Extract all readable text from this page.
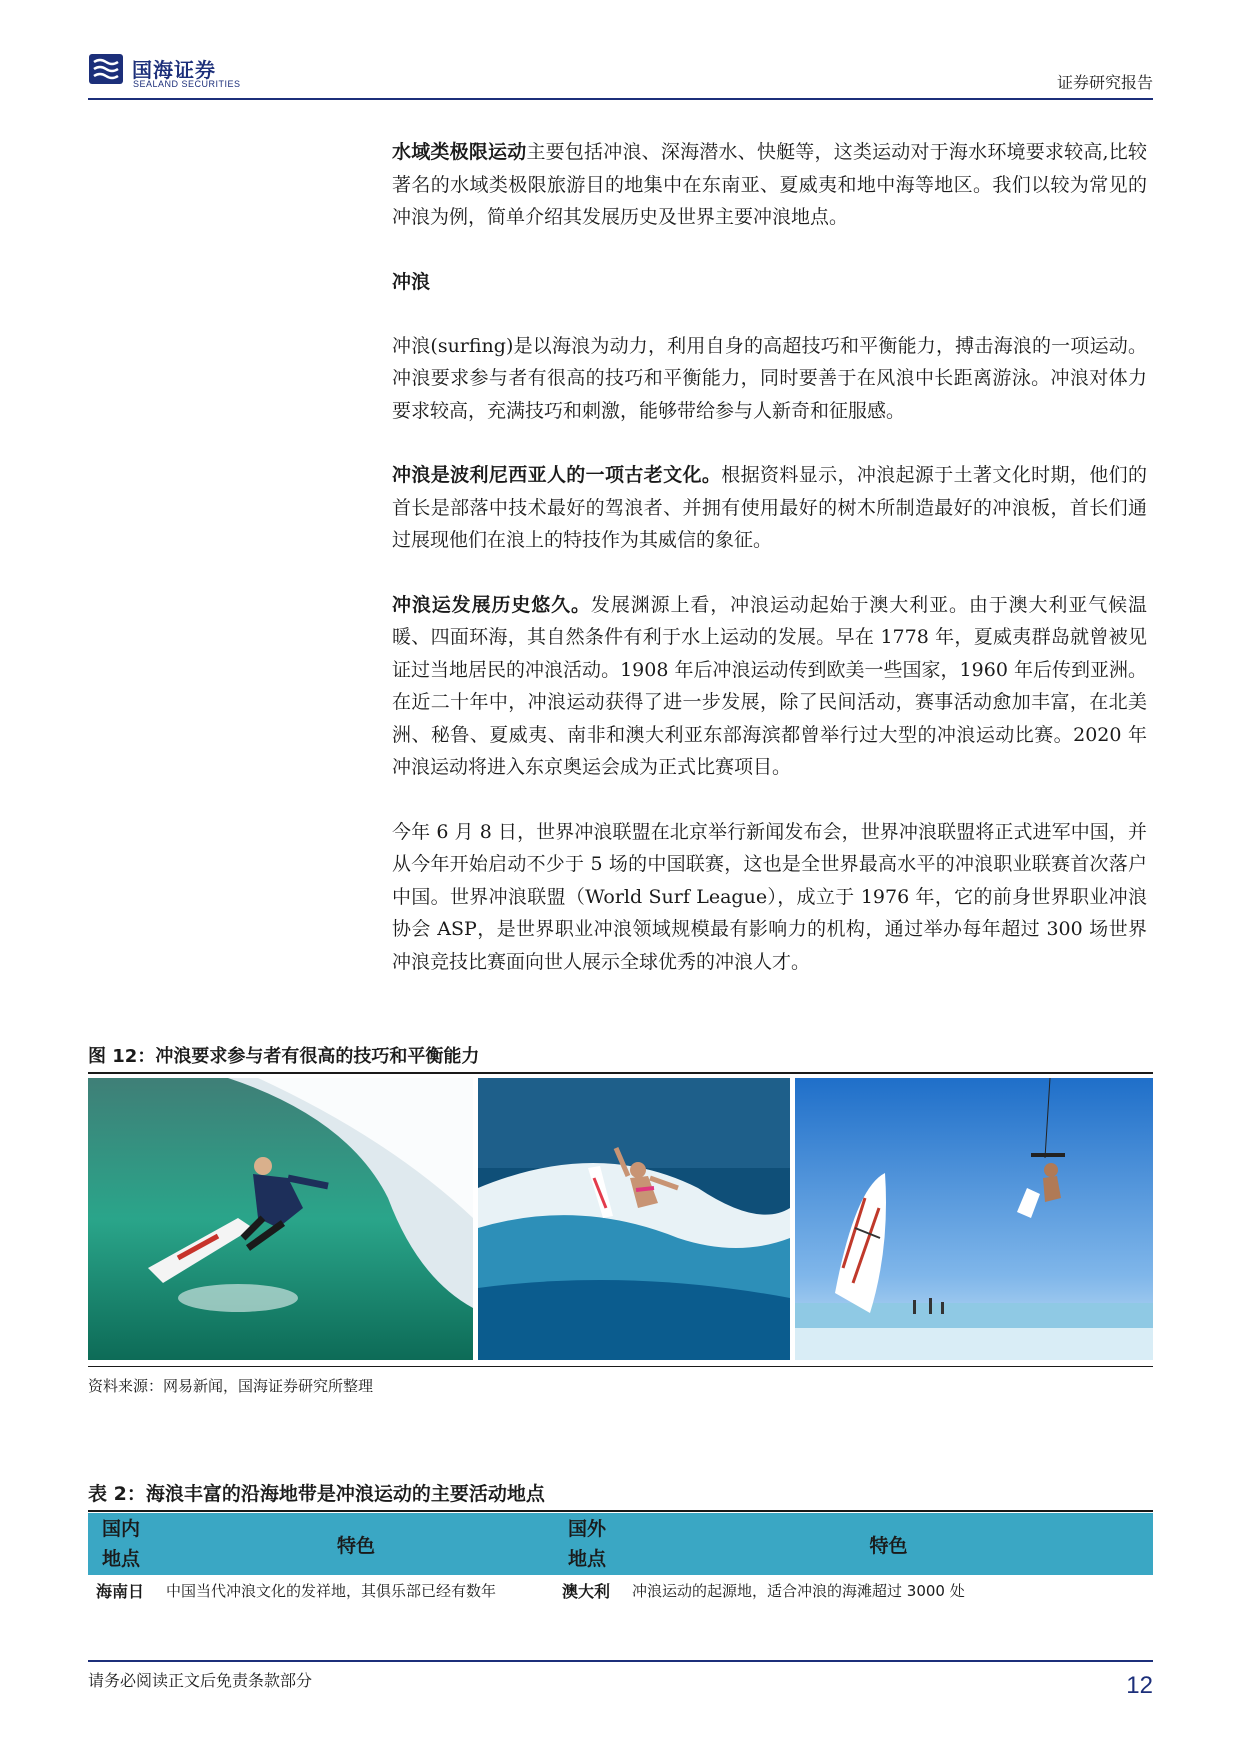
国海证券
SEALAND SECURITIES	证券研究报告

水域类极限运动主要包括冲浪、深海潜水、快艇等，这类运动对于海水环境要求较高,比较著名的水域类极限旅游目的地集中在东南亚、夏威夷和地中海等地区。我们以较为常见的冲浪为例，简单介绍其发展历史及世界主要冲浪地点。

冲浪

冲浪(surfing)是以海浪为动力，利用自身的高超技巧和平衡能力，搏击海浪的一项运动。冲浪要求参与者有很高的技巧和平衡能力，同时要善于在风浪中长距离游泳。冲浪对体力要求较高，充满技巧和刺激，能够带给参与人新奇和征服感。

冲浪是波利尼西亚人的一项古老文化。根据资料显示，冲浪起源于土著文化时期，他们的首长是部落中技术最好的驾浪者、并拥有使用最好的树木所制造最好的冲浪板，首长们通过展现他们在浪上的特技作为其威信的象征。

冲浪运发展历史悠久。发展渊源上看，冲浪运动起始于澳大利亚。由于澳大利亚气候温暖、四面环海，其自然条件有利于水上运动的发展。早在 1778 年，夏威夷群岛就曾被见证过当地居民的冲浪活动。1908 年后冲浪运动传到欧美一些国家，1960 年后传到亚洲。在近二十年中，冲浪运动获得了进一步发展，除了民间活动，赛事活动愈加丰富，在北美洲、秘鲁、夏威夷、南非和澳大利亚东部海滨都曾举行过大型的冲浪运动比赛。2020 年冲浪运动将进入东京奥运会成为正式比赛项目。

今年 6 月 8 日，世界冲浪联盟在北京举行新闻发布会，世界冲浪联盟将正式进军中国，并从今年开始启动不少于 5 场的中国联赛，这也是全世界最高水平的冲浪职业联赛首次落户中国。世界冲浪联盟（World Surf League），成立于 1976 年，它的前身世界职业冲浪协会 ASP，是世界职业冲浪领域规模最有影响力的机构，通过举办每年超过 300 场世界冲浪竞技比赛面向世人展示全球优秀的冲浪人才。

图 12：冲浪要求参与者有很高的技巧和平衡能力
资料来源：网易新闻，国海证券研究所整理
表 2：海浪丰富的沿海地带是冲浪运动的主要活动地点
国内地点	特色	国外地点	特色
海南日	中国当代冲浪文化的发祥地，其俱乐部已经有数年	澳大利	冲浪运动的起源地，适合冲浪的海滩超过 3000 处
请务必阅读正文后免责条款部分	12
